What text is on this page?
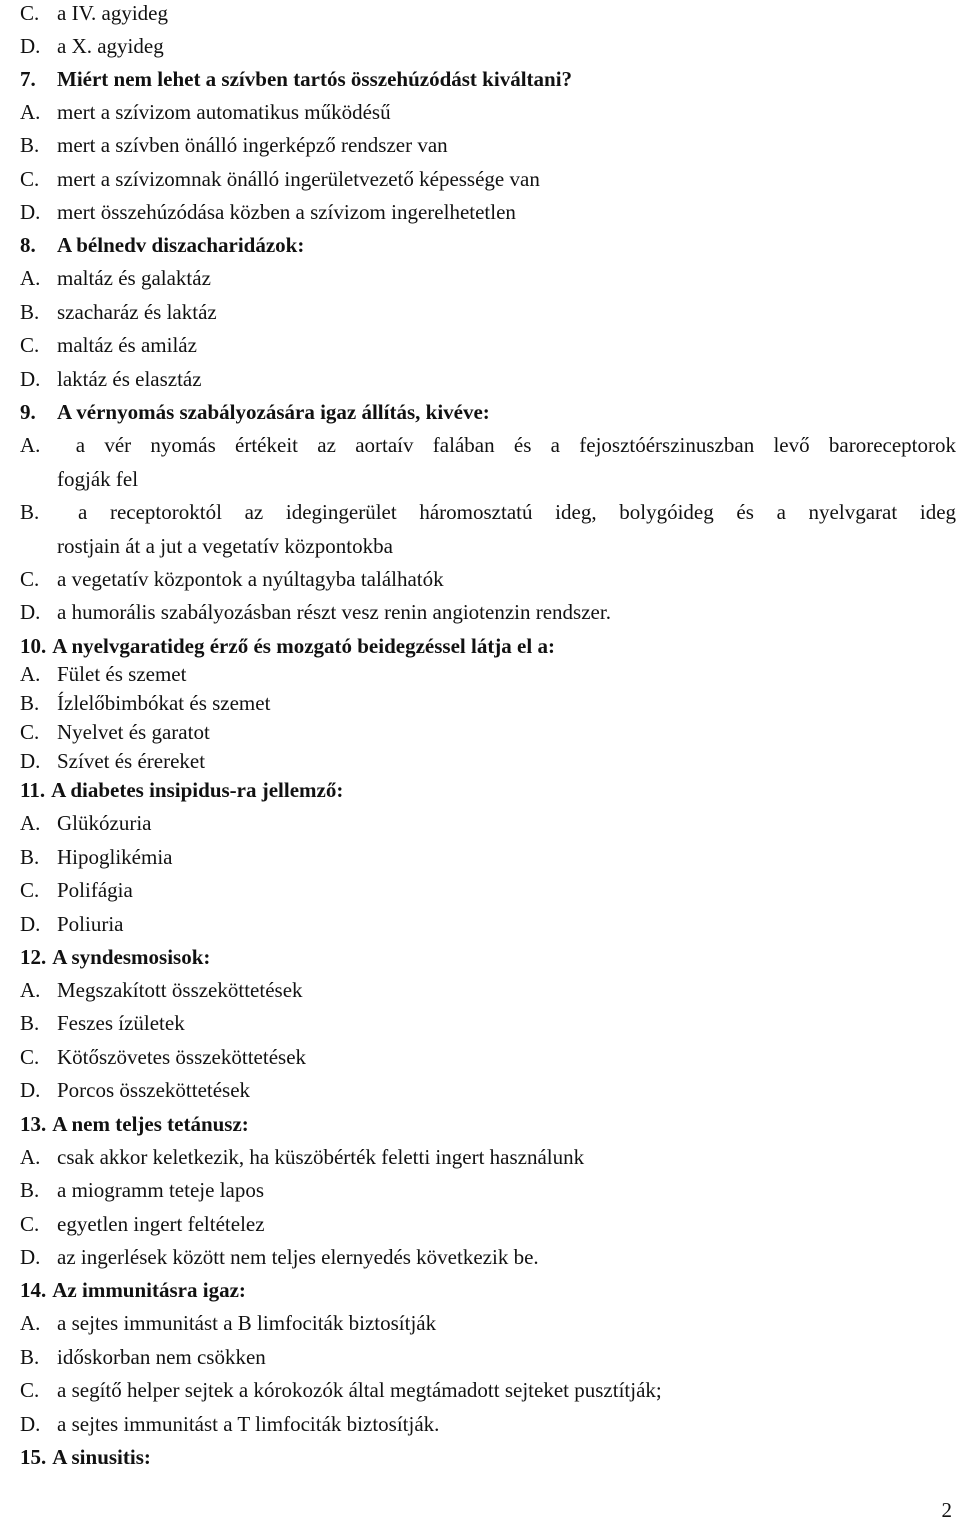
C. a IV. agyideg
D. a X. agyideg
7. Miért nem lehet a szívben tartós összehúzódást kiváltani?
A. mert a szívizom automatikus működésű
B. mert a szívben önálló ingerképző rendszer van
C. mert a szívizomnak önálló ingerületvezető képessége van
D. mert összehúzódása közben a szívizom ingerelhetetlen
8. A bélnedv diszacharidázok:
A. maltáz és galaktáz
B. szacharáz és laktáz
C. maltáz és amiláz
D. laktáz és elasztáz
9. A vérnyomás szabályozására igaz állítás, kivéve:
A. a vér nyomás értékeit az aortaív falában és a fejosztóérszinuszban levő baroreceptorok
fogják fel
B. a receptoroktól az idegingerület háromosztatú ideg, bolygóideg és a nyelvgarat ideg
rostjain át a jut a vegetatív központokba
C. a vegetatív központok a nyúltagyba találhatók
D. a humorális szabályozásban részt vesz renin angiotenzin rendszer.
10. A nyelvgaratideg érző és mozgató beidegzéssel látja el a:
A. Fület és szemet
B. Ízlelőbimbókat és szemet
C. Nyelvet és garatot
D. Szívet és érereket
11. A diabetes insipidus-ra jellemző:
A. Glükózuria
B. Hipoglikémia
C. Polifágia
D. Poliuria
12. A syndesmosisok:
A. Megszakított összeköttetések
B. Feszes ízületek
C. Kötőszövetes összeköttetések
D. Porcos összeköttetések
13. A nem teljes tetánusz:
A. csak akkor keletkezik, ha küszöbérték feletti ingert használunk
B. a miogramm teteje lapos
C. egyetlen ingert feltételez
D. az ingerlések között nem teljes elernyedés következik be.
14. Az immunitásra igaz:
A. a sejtes immunitást a B limfociták biztosítják
B. időskorban nem csökken
C. a segítő helper sejtek a kórokozók által megtámadott sejteket pusztítják;
D. a sejtes immunitást a T limfociták biztosítják.
15. A sinusitis:
2
